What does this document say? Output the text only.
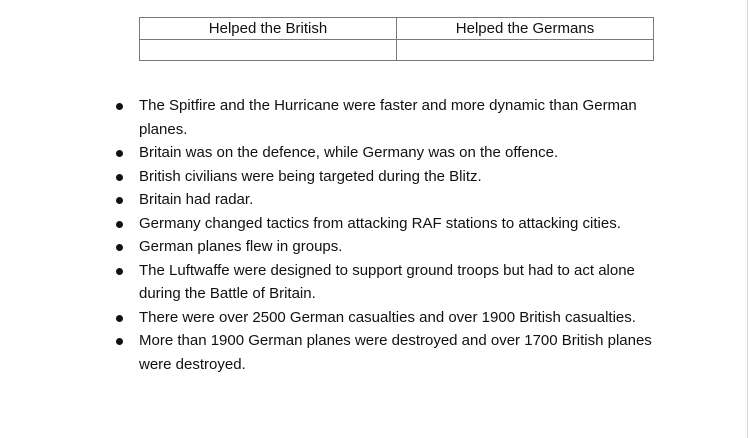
Helped the British	Helped the Germans

The Spitfire and the Hurricane were faster and more dynamic than German planes.
Britain was on the defence, while Germany was on the offence.
British civilians were being targeted during the Blitz.
Britain had radar.
Germany changed tactics from attacking RAF stations to attacking cities.
German planes flew in groups.
The Luftwaffe were designed to support ground troops but had to act alone during the Battle of Britain.
There were over 2500 German casualties and over 1900 British casualties.
More than 1900 German planes were destroyed and over 1700 British planes were destroyed.
